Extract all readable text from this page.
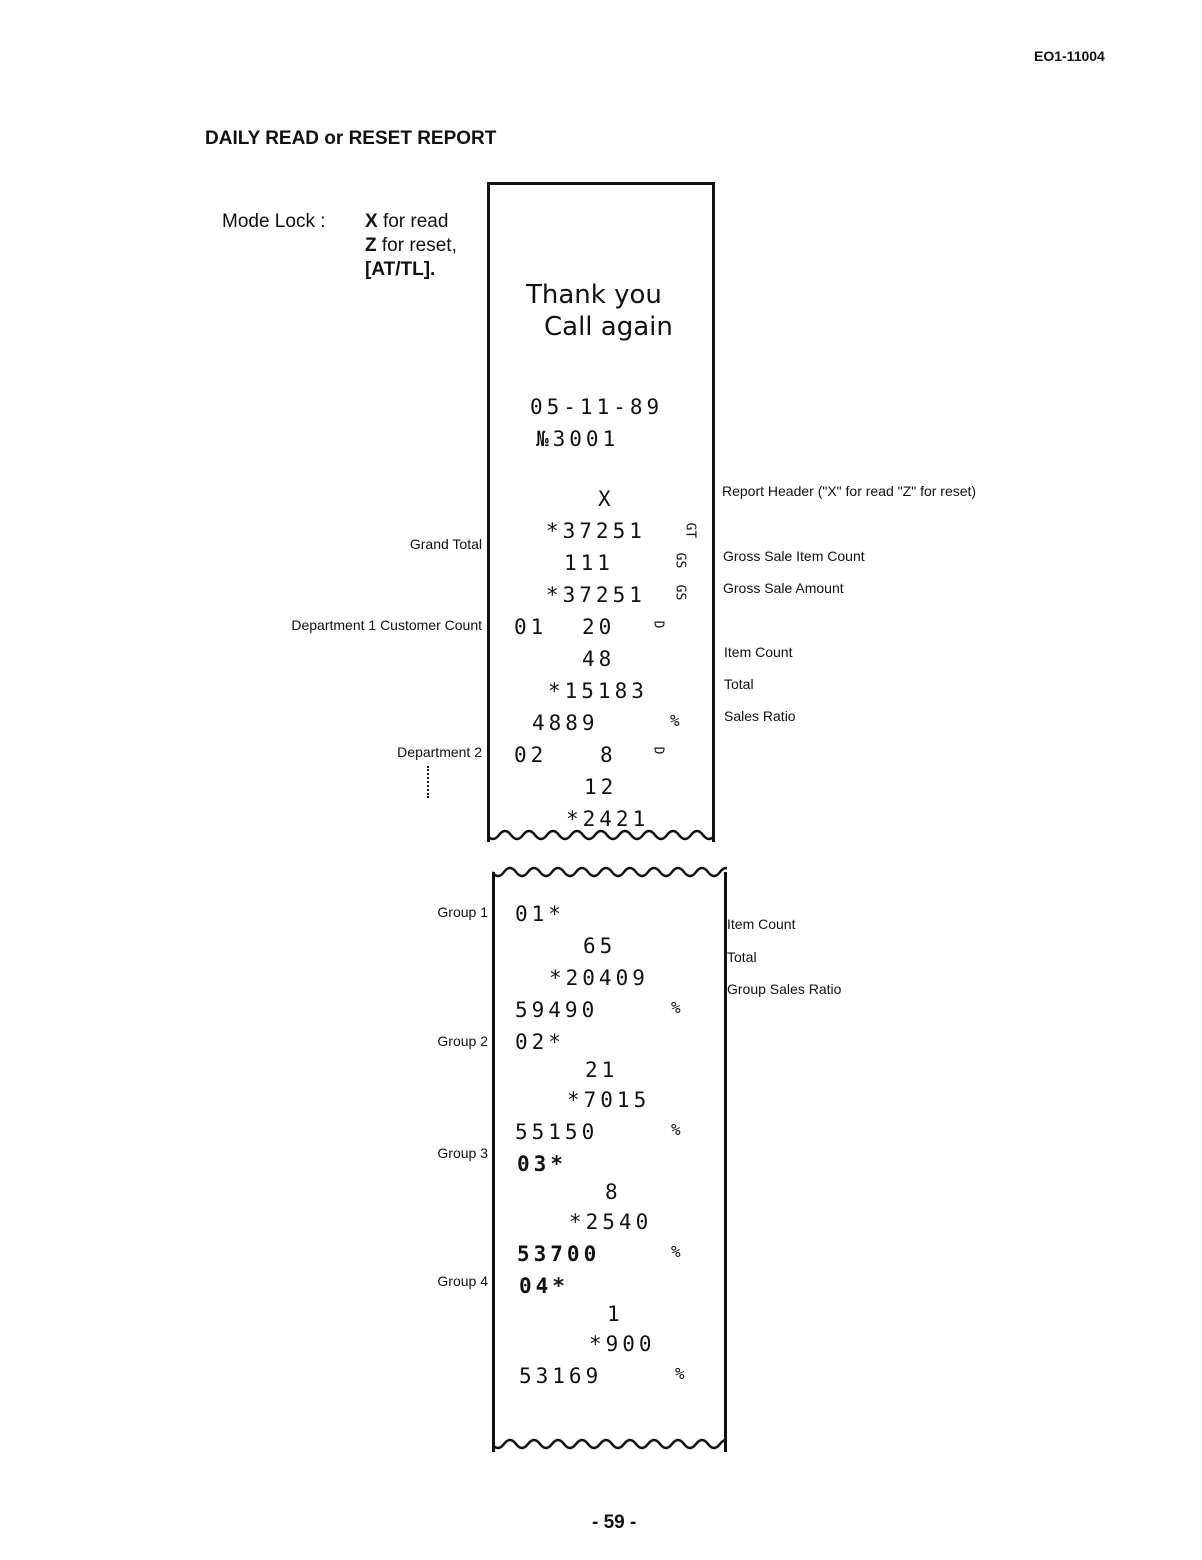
EO1-11004
DAILY READ or RESET REPORT
Mode Lock : X for read
Z for reset,
[AT/TL].
Grand Total
Department 1 Customer Count
Department 2
Group 1
Group 2
Group 3
Group 4
Report Header ("X" for read "Z" for reset)
Gross Sale Item Count
Gross Sale Amount
Item Count
Total
Sales Ratio
Item Count
Total
Group Sales Ratio
Thank you
Call again
05-11-89
№3001
X
*37251	GT
111	GS
*37251 GS
01 20	D
48
*15183
4889	%
02	8	D
12
*2421
01*
65
*20409
59490	%
02*
21
*7015
55150	%
03*
8
*2540
53700	%
04*
1
*900
53169	%
- 59 -
